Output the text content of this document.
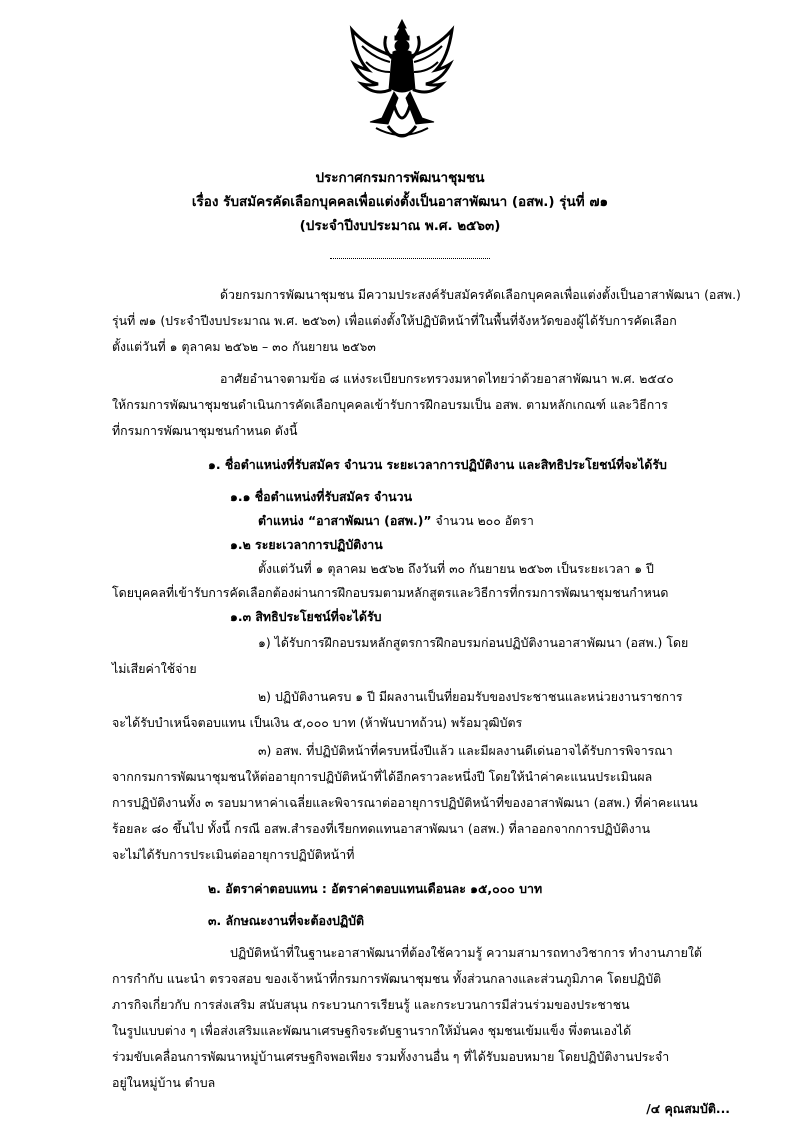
ประกาศกรมการพัฒนาชุมชน
เรื่อง รับสมัครคัดเลือกบุคคลเพื่อแต่งตั้งเป็นอาสาพัฒนา (อสพ.) รุ่นที่ ๗๑
(ประจำปีงบประมาณ พ.ศ. ๒๕๖๓)
ด้วยกรมการพัฒนาชุมชน มีความประสงค์รับสมัครคัดเลือกบุคคลเพื่อแต่งตั้งเป็นอาสาพัฒนา (อสพ.)
รุ่นที่ ๗๑ (ประจำปีงบประมาณ พ.ศ. ๒๕๖๓) เพื่อแต่งตั้งให้ปฏิบัติหน้าที่ในพื้นที่จังหวัดของผู้ได้รับการคัดเลือก
ตั้งแต่วันที่ ๑ ตุลาคม ๒๕๖๒ – ๓๐ กันยายน ๒๕๖๓
อาศัยอำนาจตามข้อ ๘ แห่งระเบียบกระทรวงมหาดไทยว่าด้วยอาสาพัฒนา พ.ศ. ๒๕๔๐
ให้กรมการพัฒนาชุมชนดำเนินการคัดเลือกบุคคลเข้ารับการฝึกอบรมเป็น อสพ. ตามหลักเกณฑ์ และวิธีการ
ที่กรมการพัฒนาชุมชนกำหนด ดังนี้
๑. ชื่อตำแหน่งที่รับสมัคร จำนวน ระยะเวลาการปฏิบัติงาน และสิทธิประโยชน์ที่จะได้รับ
๑.๑ ชื่อตำแหน่งที่รับสมัคร จำนวน
ตำแหน่ง “อาสาพัฒนา (อสพ.)” จำนวน ๒๐๐ อัตรา
๑.๒ ระยะเวลาการปฏิบัติงาน
ตั้งแต่วันที่ ๑ ตุลาคม ๒๕๖๒ ถึงวันที่ ๓๐ กันยายน ๒๕๖๓ เป็นระยะเวลา ๑ ปี
โดยบุคคลที่เข้ารับการคัดเลือกต้องผ่านการฝึกอบรมตามหลักสูตรและวิธีการที่กรมการพัฒนาชุมชนกำหนด
๑.๓ สิทธิประโยชน์ที่จะได้รับ
๑) ได้รับการฝึกอบรมหลักสูตรการฝึกอบรมก่อนปฏิบัติงานอาสาพัฒนา (อสพ.) โดย
ไม่เสียค่าใช้จ่าย
๒) ปฏิบัติงานครบ ๑ ปี มีผลงานเป็นที่ยอมรับของประชาชนและหน่วยงานราชการ
จะได้รับบำเหน็จตอบแทน เป็นเงิน ๕,๐๐๐ บาท (ห้าพันบาทถ้วน) พร้อมวุฒิบัตร
๓) อสพ. ที่ปฏิบัติหน้าที่ครบหนึ่งปีแล้ว และมีผลงานดีเด่นอาจได้รับการพิจารณา
จากกรมการพัฒนาชุมชนให้ต่ออายุการปฏิบัติหน้าที่ได้อีกคราวละหนึ่งปี โดยให้นำค่าคะแนนประเมินผล
การปฏิบัติงานทั้ง ๓ รอบมาหาค่าเฉลี่ยและพิจารณาต่ออายุการปฏิบัติหน้าที่ของอาสาพัฒนา (อสพ.) ที่ค่าคะแนน
ร้อยละ ๘๐ ขึ้นไป ทั้งนี้ กรณี อสพ.สำรองที่เรียกทดแทนอาสาพัฒนา (อสพ.) ที่ลาออกจากการปฏิบัติงาน
จะไม่ได้รับการประเมินต่ออายุการปฏิบัติหน้าที่
๒. อัตราค่าตอบแทน : อัตราค่าตอบแทนเดือนละ ๑๕,๐๐๐ บาท
๓. ลักษณะงานที่จะต้องปฏิบัติ
ปฏิบัติหน้าที่ในฐานะอาสาพัฒนาที่ต้องใช้ความรู้ ความสามารถทางวิชาการ ทำงานภายใต้
การกำกับ แนะนำ ตรวจสอบ ของเจ้าหน้าที่กรมการพัฒนาชุมชน ทั้งส่วนกลางและส่วนภูมิภาค โดยปฏิบัติ
ภารกิจเกี่ยวกับ การส่งเสริม สนับสนุน กระบวนการเรียนรู้ และกระบวนการมีส่วนร่วมของประชาชน
ในรูปแบบต่าง ๆ เพื่อส่งเสริมและพัฒนาเศรษฐกิจระดับฐานรากให้มั่นคง ชุมชนเข้มแข็ง พึ่งตนเองได้
ร่วมขับเคลื่อนการพัฒนาหมู่บ้านเศรษฐกิจพอเพียง รวมทั้งงานอื่น ๆ ที่ได้รับมอบหมาย โดยปฏิบัติงานประจำ
อยู่ในหมู่บ้าน ตำบล
/๔ คุณสมบัติ...
